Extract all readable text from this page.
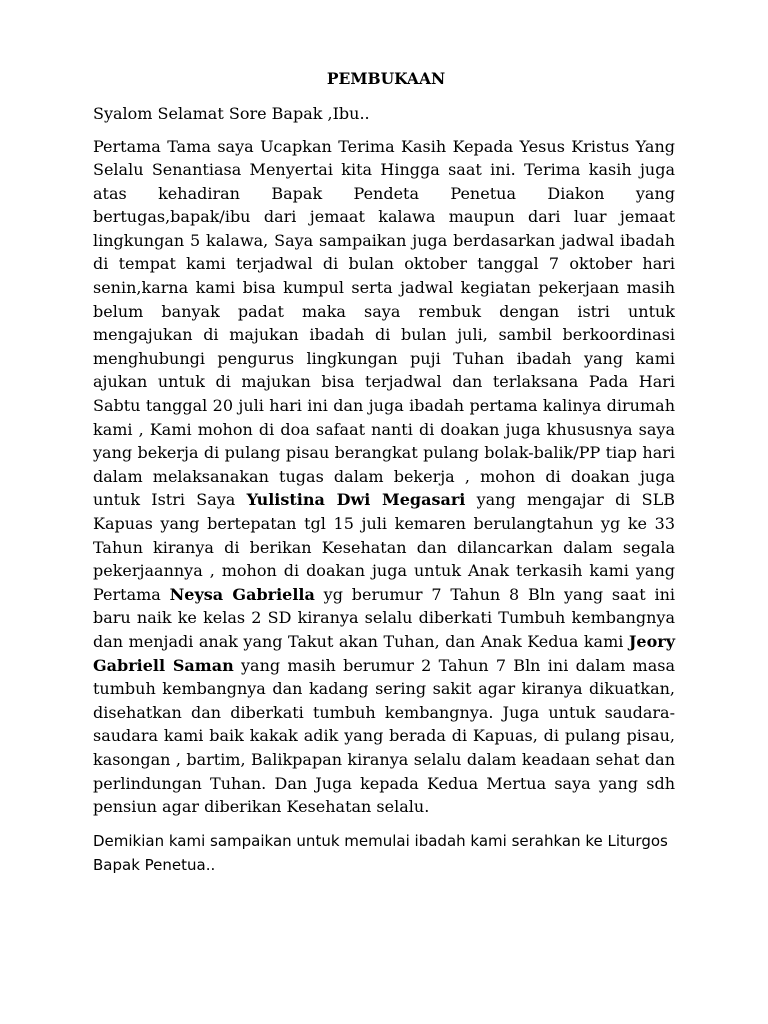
PEMBUKAAN
Syalom Selamat Sore Bapak ,Ibu..
Pertama Tama saya Ucapkan Terima Kasih Kepada Yesus Kristus Yang Selalu Senantiasa Menyertai kita Hingga saat ini. Terima kasih juga atas kehadiran Bapak Pendeta Penetua Diakon yang bertugas,bapak/ibu dari jemaat kalawa maupun dari luar jemaat lingkungan 5 kalawa, Saya sampaikan juga berdasarkan jadwal ibadah di tempat kami terjadwal di bulan oktober tanggal 7 oktober hari senin,karna kami bisa kumpul serta jadwal kegiatan pekerjaan masih belum banyak padat maka saya rembuk dengan istri untuk mengajukan di majukan ibadah di bulan juli, sambil berkoordinasi menghubungi pengurus lingkungan puji Tuhan ibadah yang kami ajukan untuk di majukan bisa terjadwal dan terlaksana Pada Hari Sabtu tanggal 20 juli hari ini dan juga ibadah pertama kalinya dirumah kami , Kami mohon di doa safaat nanti di doakan juga khususnya saya yang bekerja di pulang pisau berangkat pulang bolak-balik/PP tiap hari dalam melaksanakan tugas dalam bekerja , mohon di doakan juga untuk Istri Saya Yulistina Dwi Megasari yang mengajar di SLB Kapuas yang bertepatan tgl 15 juli kemaren berulangtahun yg ke 33 Tahun kiranya di berikan Kesehatan dan dilancarkan dalam segala pekerjaannya , mohon di doakan juga untuk Anak terkasih kami yang Pertama Neysa Gabriella yg berumur 7 Tahun 8 Bln yang saat ini baru naik ke kelas 2 SD kiranya selalu diberkati Tumbuh kembangnya dan menjadi anak yang Takut akan Tuhan, dan Anak Kedua kami Jeory Gabriell Saman yang masih berumur 2 Tahun 7 Bln ini dalam masa tumbuh kembangnya dan kadang sering sakit agar kiranya dikuatkan, disehatkan dan diberkati tumbuh kembangnya. Juga untuk saudara-saudara kami baik kakak adik yang berada di Kapuas, di pulang pisau, kasongan , bartim, Balikpapan kiranya selalu dalam keadaan sehat dan perlindungan Tuhan. Dan Juga kepada Kedua Mertua saya yang sdh pensiun agar diberikan Kesehatan selalu.
Demikian kami sampaikan untuk memulai ibadah kami serahkan ke Liturgos Bapak Penetua..
